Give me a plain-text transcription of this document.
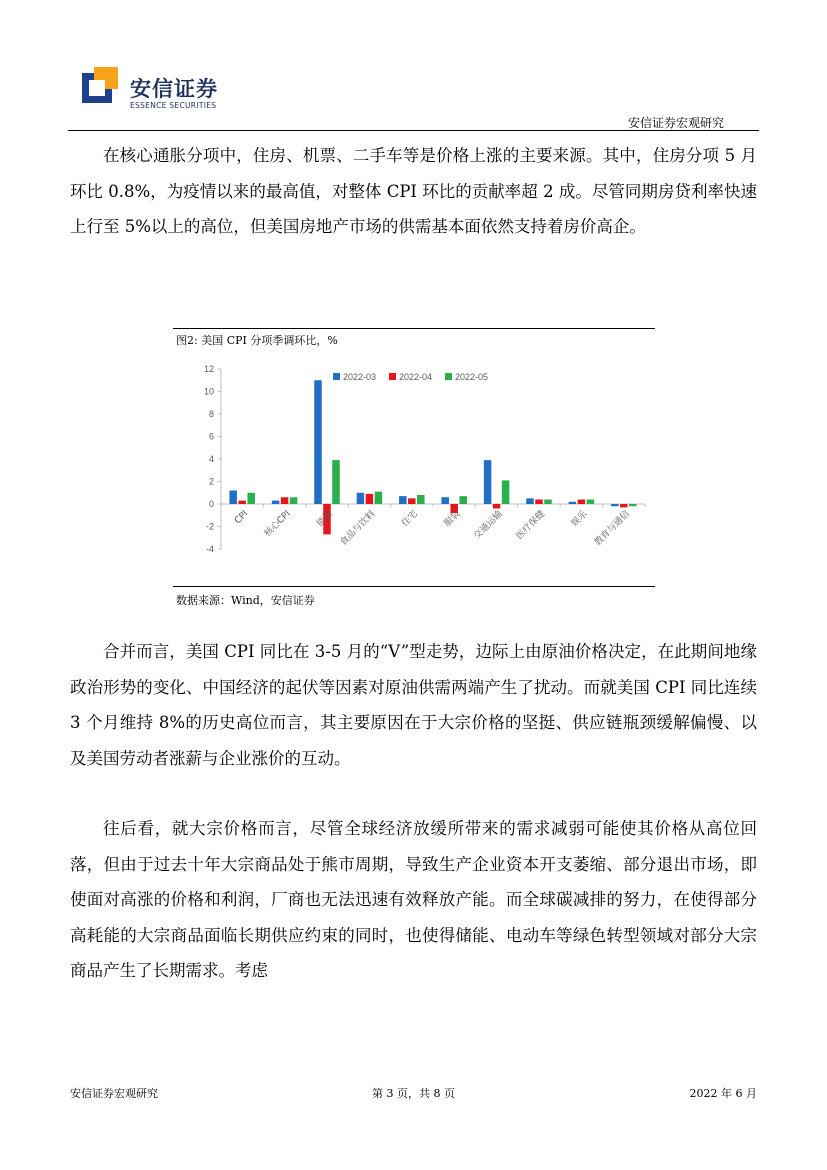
安信证券
ESSENCE SECURITIES
安信证券宏观研究

在核心通胀分项中，住房、机票、二手车等是价格上涨的主要来源。其中，住房分项 5 月环比 0.8%，为疫情以来的最高值，对整体 CPI 环比的贡献率超 2 成。尽管同期房贷利率快速上行至 5%以上的高位，但美国房地产市场的供需基本面依然支持着房价高企。

图2: 美国 CPI 分项季调环比，%
-4
-2
0
2
4
6
8
10
12
CPI 核心CPI	能源 食品与饮料	住宅	服装 交通运输 医疗保健	娱乐 教育与通信
2022-03	2022-04	2022-05
数据来源：Wind，安信证券

合并而言，美国 CPI 同比在 3-5 月的“V”型走势，边际上由原油价格决定，在此期间地缘政治形势的变化、中国经济的起伏等因素对原油供需两端产生了扰动。而就美国 CPI 同比连续 3 个月维持 8%的历史高位而言，其主要原因在于大宗价格的坚挺、供应链瓶颈缓解偏慢、以及美国劳动者涨薪与企业涨价的互动。

往后看，就大宗价格而言，尽管全球经济放缓所带来的需求减弱可能使其价格从高位回落，但由于过去十年大宗商品处于熊市周期，导致生产企业资本开支萎缩、部分退出市场，即使面对高涨的价格和利润，厂商也无法迅速有效释放产能。而全球碳减排的努力，在使得部分高耗能的大宗商品面临长期供应约束的同时，也使得储能、电动车等绿色转型领域对部分大宗商品产生了长期需求。考虑

安信证券宏观研究	第 3 页，共 8 页	2022 年 6 月
